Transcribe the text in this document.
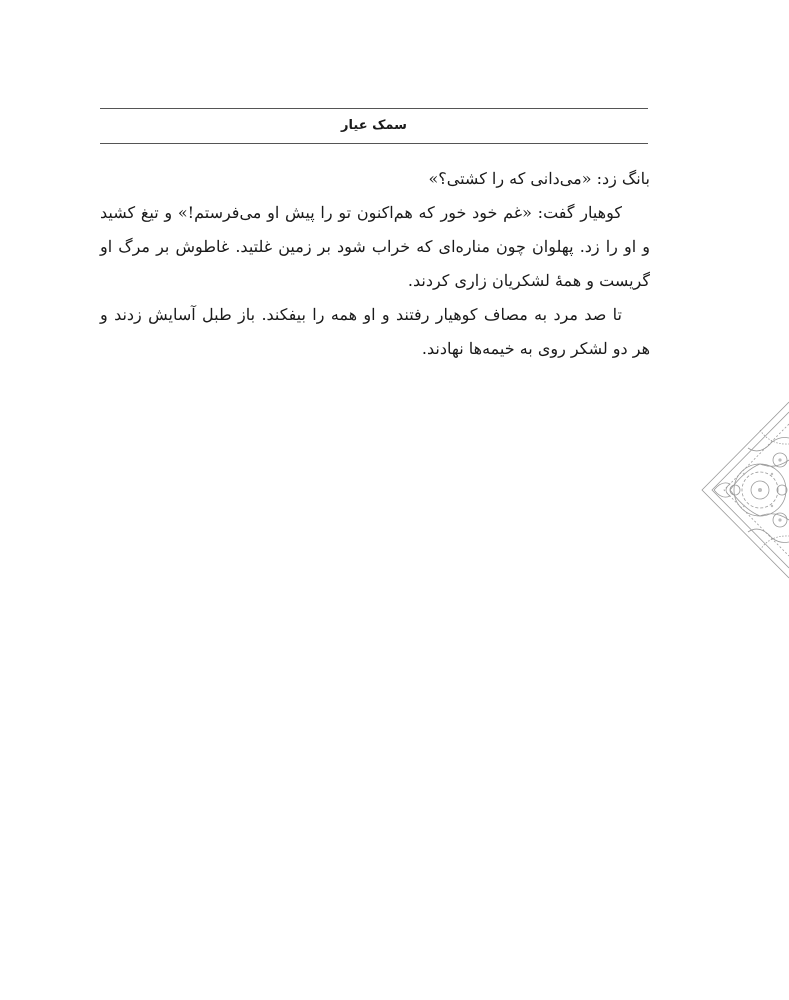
سمک عیار

بانگ زد: «می‌دانی که را کشتی؟»

کوهیار گفت: «غم خود خور که هم‌اکنون تو را پیش او می‌فرستم!» و تیغ کشید و او را زد. پهلوان چون مناره‌ای که خراب شود بر زمین غلتید. غاطوش بر مرگ او گریست و همهٔ لشکریان زاری کردند.

تا صد مرد به مصاف کوهیار رفتند و او همه را بیفکند. باز طبل آسایش زدند و هر دو لشکر روی به خیمه‌ها نهادند.
